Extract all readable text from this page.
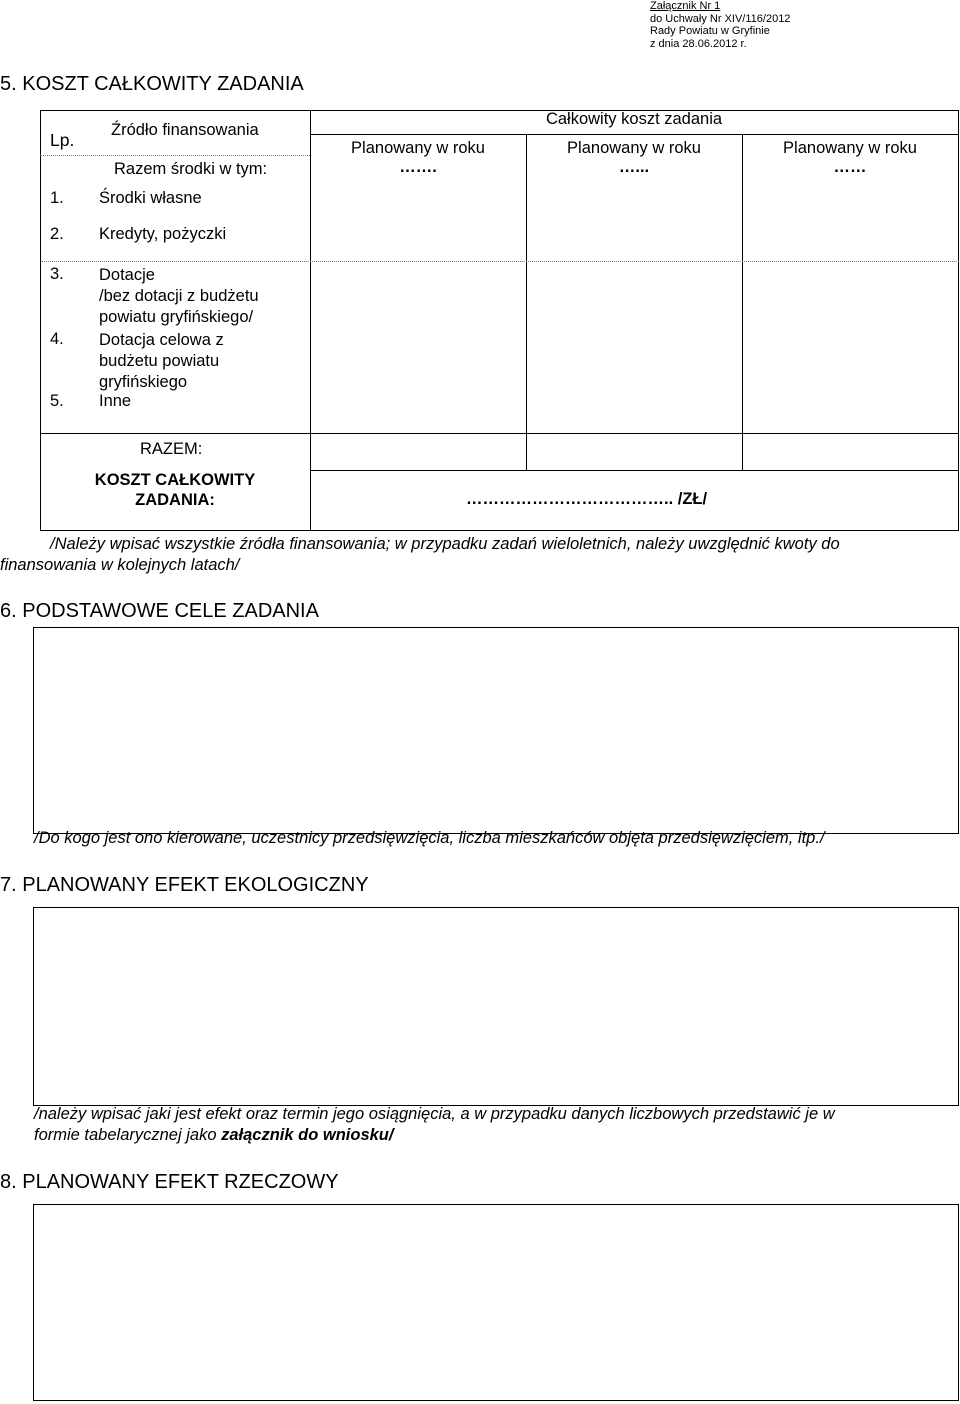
Załącznik Nr 1
do Uchwały Nr XIV/116/2012
Rady Powiatu w Gryfinie
z dnia 28.06.2012 r.
5. KOSZT CAŁKOWITY ZADANIA
Lp. Źródło finansowania
Razem środki w tym:
Planowany w roku
…….
Całkowity koszt zadania
Planowany w roku
…...
Planowany w roku
……
1. Środki własne
2. Kredyty, pożyczki
3. Dotacje
/bez dotacji z budżetu
powiatu gryfińskiego/
4. Dotacja celowa z
budżetu powiatu
gryfińskiego
5. Inne
RAZEM:
KOSZT CAŁKOWITY
ZADANIA:	……………………………….. /ZŁ/
/Należy wpisać wszystkie źródła finansowania; w przypadku zadań wieloletnich, należy uwzględnić kwoty do
finansowania w kolejnych latach/
6. PODSTAWOWE CELE ZADANIA
/Do kogo jest ono kierowane, uczestnicy przedsięwzięcia, liczba mieszkańców objęta przedsięwzięciem, itp./
7. PLANOWANY EFEKT EKOLOGICZNY
/należy wpisać jaki jest efekt oraz termin jego osiągnięcia, a w przypadku danych liczbowych przedstawić je w
formie tabelarycznej jako załącznik do wniosku/
8. PLANOWANY EFEKT RZECZOWY
